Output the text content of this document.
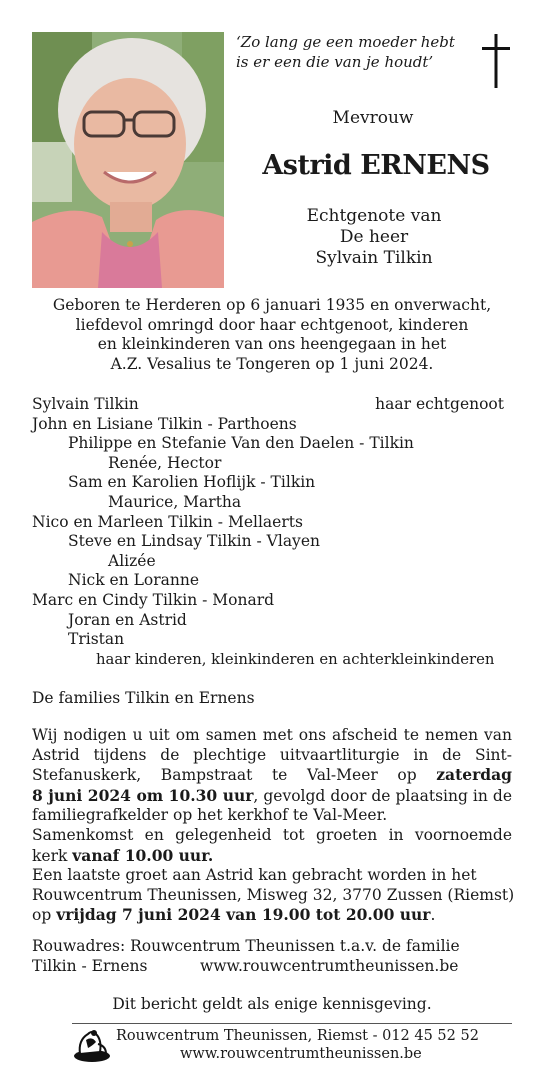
‘Zo lang ge een moeder hebt
is er een die van je houdt’
Mevrouw
Astrid ERNENS
Echtgenote van
De heer
Sylvain Tilkin
Geboren te Herderen op 6 januari 1935 en onverwacht,
liefdevol omringd door haar echtgenoot, kinderen
en kleinkinderen van ons heengegaan in het
A.Z. Vesalius te Tongeren op 1 juni 2024.
Sylvain Tilkin	haar echtgenoot
John en Lisiane Tilkin - Parthoens
Philippe en Stefanie Van den Daelen - Tilkin
Renée, Hector
Sam en Karolien Hoflijk - Tilkin
Maurice, Martha
Nico en Marleen Tilkin - Mellaerts
Steve en Lindsay Tilkin - Vlayen
Alizée
Nick en Loranne
Marc en Cindy Tilkin - Monard
Joran en Astrid
Tristan
haar kinderen, kleinkinderen en achterkleinkinderen
De families Tilkin en Ernens
Wij nodigen u uit om samen met ons afscheid te nemen van
Astrid tijdens de plechtige uitvaartliturgie in de Sint-
Stefanuskerk, Bampstraat te Val-Meer op zaterdag
8 juni 2024 om 10.30 uur, gevolgd door de plaatsing in de
familiegrafkelder op het kerkhof te Val-Meer.
Samenkomst en gelegenheid tot groeten in voornoemde
kerk vanaf 10.00 uur.
Een laatste groet aan Astrid kan gebracht worden in het
Rouwcentrum Theunissen, Misweg 32, 3770 Zussen (Riemst)
op vrijdag 7 juni 2024 van 19.00 tot 20.00 uur.
Rouwadres: Rouwcentrum Theunissen t.a.v. de familie
Tilkin - Ernens	www.rouwcentrumtheunissen.be
Dit bericht geldt als enige kennisgeving.
Rouwcentrum Theunissen, Riemst - 012 45 52 52
www.rouwcentrumtheunissen.be
